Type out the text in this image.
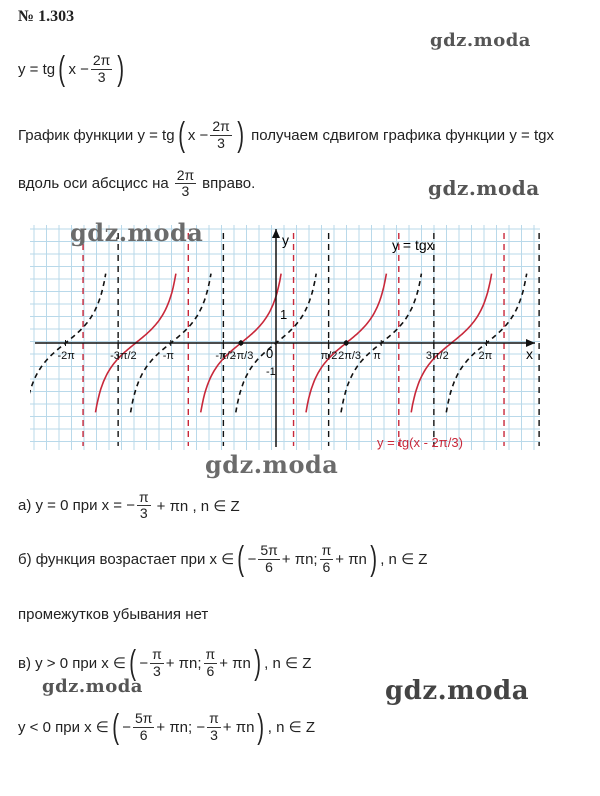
№ 1.303
gdz.moda
y = tg ( $x - \frac{2\pi}{3}$ )
График функции y = tg ( $x - \frac{2\pi}{3}$ ) получаем сдвигом графика функции y = tgx
вдоль оси абсцисс на $\frac{2\pi}{3}$ вправо.	gdz.moda
x
y
1
0
-1
y = tgx
y = tg(x - 2π/3)
-2π	-3π/2 -π	-π/2
-π/3	π/2 2π/3 π	3π/2	2π
gdz.moda
gdz.moda
а) y = 0 при x = − $\frac{\pi}{3} + \pi n$ , n ∈ Z
б) функция возрастает при x ∈ ( − $\frac{5\pi}{6} + \pi n$; $\frac{\pi}{6} + \pi n$ ) , n ∈ Z
промежутков убывания нет
в) y > 0 при x ∈ ( − $\frac{\pi}{3} + \pi n$; $\frac{\pi}{6} + \pi n$ ) , n ∈ Z
gdz.moda	gdz.moda
y < 0 при x ∈ ( − $\frac{5\pi}{6} + \pi n$; − $\frac{\pi}{3} + \pi n$ ) , n ∈ Z
